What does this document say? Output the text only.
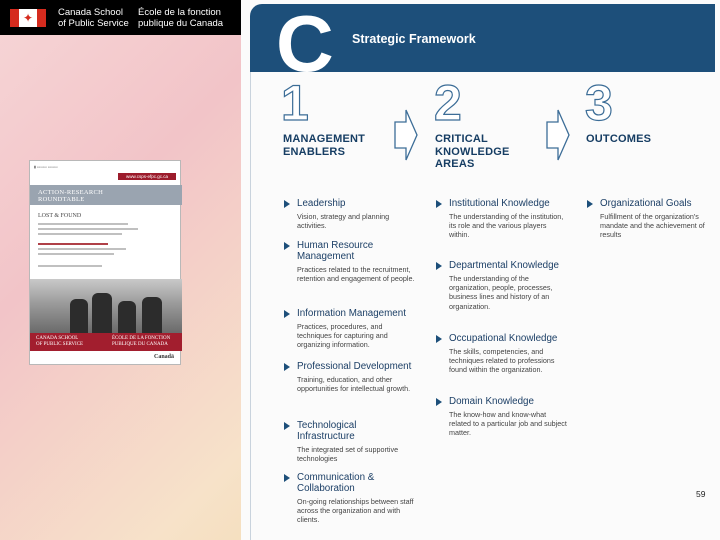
✦	Canada School
of Public Service
École de la fonction
publique du Canada
▮ ▭▭▭ ▭▭▭
www.csps-efpc.gc.ca
ACTION-RESEARCH
ROUNDTABLE
LOST & FOUND
CANADA SCHOOL
OF PUBLIC SERVICE
ÉCOLE DE LA FONCTION
PUBLIQUE DU CANADA
Canadä
C Strategic Framework
1	2 3
MANAGEMENT
ENABLERS
CRITICAL
KNOWLEDGE
AREAS
OUTCOMES
Leadership
Vision, strategy and planning activities.
Human Resource Management
Practices related to the recruitment, retention and engagement of people.
Information Management
Practices, procedures, and techniques for capturing and organizing information.
Professional Development
Training, education, and other opportunities for intellectual growth.
Technological Infrastructure
The integrated set of supportive technologies
Communication & Collaboration
On-going relationships between staff across the organization and with clients.
Institutional Knowledge
The understanding of the institution, its role and the various players within.
Departmental Knowledge
The understanding of the organization, people, processes, business lines and history of an organization.
Occupational Knowledge
The skills, competencies, and techniques related to professions found within the organization.
Domain Knowledge
The know-how and know-what related to a particular job and subject matter.
Organizational Goals
Fulfillment of the organization's mandate and the achievement of results
59
